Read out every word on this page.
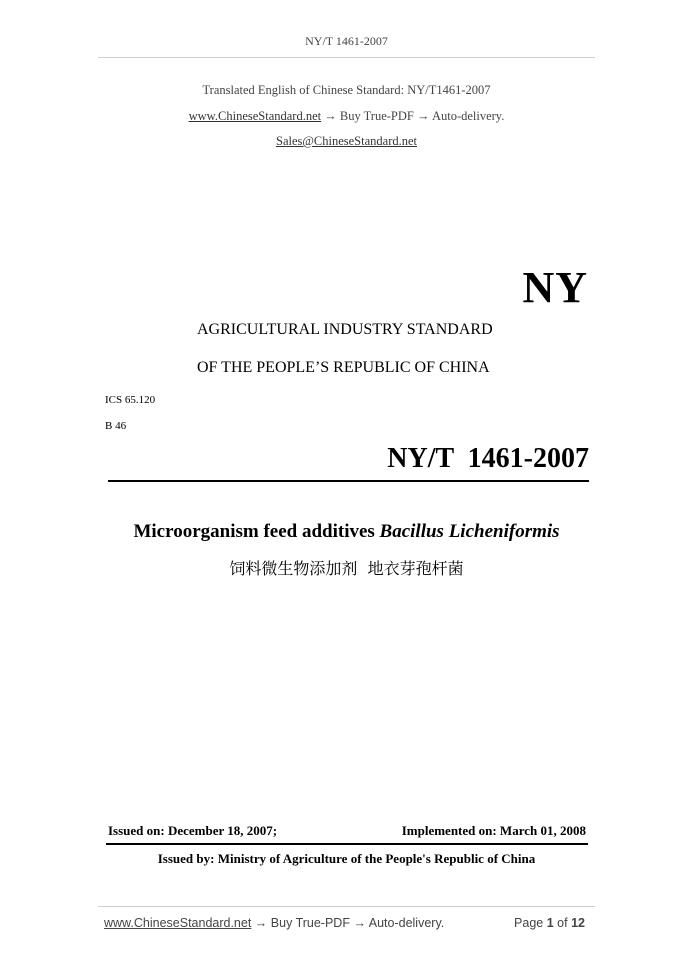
NY/T 1461-2007
Translated English of Chinese Standard: NY/T1461-2007
www.ChineseStandard.net → Buy True-PDF → Auto-delivery.
Sales@ChineseStandard.net
NY
AGRICULTURAL INDUSTRY STANDARD
OF THE PEOPLE’S REPUBLIC OF CHINA
ICS 65.120
B 46
NY/T  1461-2007
Microorganism feed additives Bacillus Licheniformis
饲料微生物添加剂  地衣芽孢杆菌
Issued on: December 18, 2007;	Implemented on: March 01, 2008
Issued by: Ministry of Agriculture of the People's Republic of China
www.ChineseStandard.net → Buy True-PDF → Auto-delivery.	Page 1 of 12
